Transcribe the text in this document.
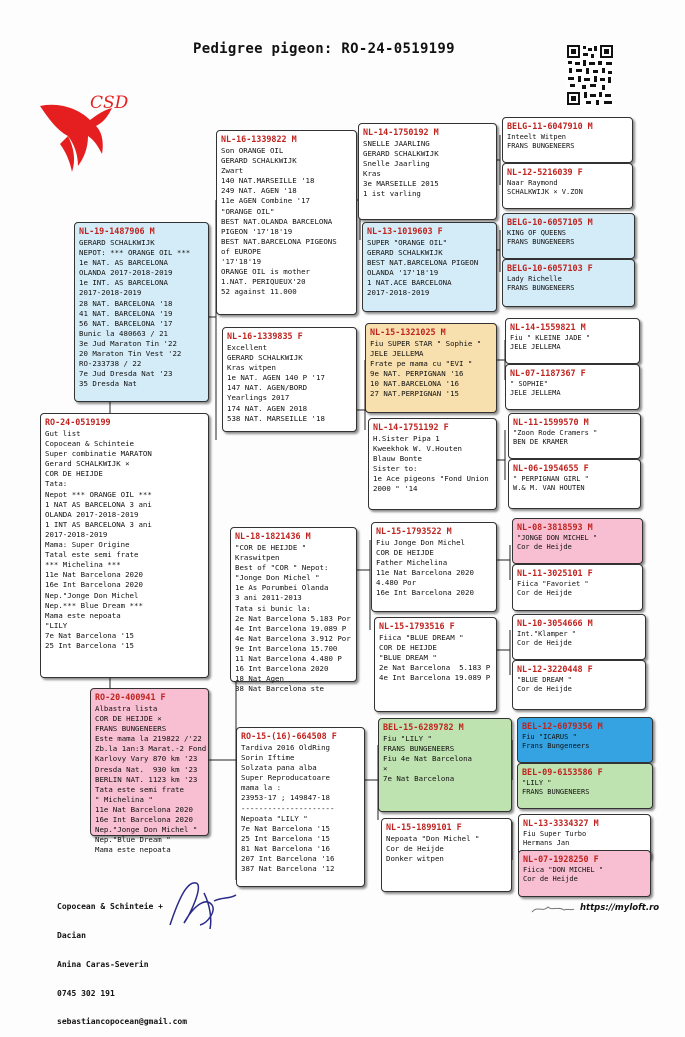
Pedigree pigeon: RO-24-0519199
CSD
RO-24-0519199
Gut list
Copocean & Schinteie
Super combinatie MARATON
Gerard SCHALKWIJK ×
COR DE HEIJDE
Tata:
Nepot *** ORANGE OIL ***
1 NAT AS BARCELONA 3 ani
OLANDA 2017-2018-2019
1 INT AS BARCELONA 3 ani
2017-2018-2019
Mama: Super Origine
Tatal este semi frate
*** Michelina ***
11e Nat Barcelona 2020
16e Int Barcelona 2020
Nep."Jonge Don Michel
Nep.*** Blue Dream ***
Mama este nepoata
"LILY
7e Nat Barcelona '15
25 Int Barcelona '15
NL-19-1487906 M
GERARD SCHALKWIJK
NEPOT: *** ORANGE OIL ***
1e NAT. AS BARCELONA
OLANDA 2017-2018-2019
1e INT. AS BARCELONA
2017-2018-2019
28 NAT. BARCELONA '18
41 NAT. BARCELONA '19
56 NAT. BARCELONA '17
Bunic la 480663 / 21
3e Jud Maraton Tin '22
20 Maraton Tin Vest '22
RO-233738 / 22
7e Jud Dresda Nat '23
35 Dresda Nat
RO-20-400941 F
Albastra lista
COR DE HEIJDE ×
FRANS BUNGENEERS
Este mama la 219822 /'22
Zb.la 1an:3 Marat.-2 Fond
Karlovy Vary 870 km '23
Dresda Nat.  930 km '23
BERLIN NAT. 1123 km '23
Tata este semi frate
" Michelina "
11e Nat Barcelona 2020
16e Int Barcelona 2020
Nep."Jonge Don Michel "
Nep."Blue Dream "
Mama este nepoata
NL-16-1339822 M
Son ORANGE OIL
GERARD SCHALKWIJK
Zwart
140 NAT.MARSEILLE '18
249 NAT. AGEN '18
11e AGEN Combine '17
"ORANGE OIL"
BEST NAT.OLANDA BARCELONA
PIGEON '17'18'19
BEST NAT.BARCELONA PIGEONS
of EUROPE
'17'18'19
ORANGE OIL is mother
1.NAT. PERIQUEUX'20
52 against 11.000
NL-16-1339835 F
Excellent
GERARD SCHALKWIJK
Kras witpen
1e NAT. AGEN 140 P '17
147 NAT. AGEN/BORD
Yearlings 2017
174 NAT. AGEN 2018
538 NAT. MARSEILLE '18
NL-18-1821436 M
"COR DE HEIJDE "
Kraswitpen
Best of "COR " Nepot:
"Jonge Don Michel "
1e As Porumbei Olanda
3 ani 2011-2013
Tata si bunic la:
2e Nat Barcelona 5.183 Por
4e Int Barcelona 19.089 P
4e Nat Barcelona 3.912 Por
9e Int Barcelona 15.700
11 Nat Barcelona 4.480 P
16 Int Barcelona 2020
18 Nat Agen
38 Nat Barcelona ste
RO-15-(16)-664508 F
Tardiva 2016 OldRing
Sorin Iftime
Solzata pana alba
Super Reproducatoare
mama la :
23953-17 ; 149847-18
---------------------
Nepoata "LILY "
7e Nat Barcelona '15
25 Int Barcelona '15
81 Nat Barcelona '16
207 Int Barcelona '16
387 Nat Barcelona '12
NL-14-1750192 M
SNELLE JAARLING
GERARD SCHALKWIJK
Snelle Jaarling
Kras
3e MARSEILLE 2015
1 ist varling
NL-13-1019603 F
SUPER "ORANGE OIL"
GERARD SCHALKWIJK
BEST NAT.BARCELONA PIGEON
OLANDA '17'18'19
1 NAT.ACE BARCELONA
2017-2018-2019
NL-15-1321025 M
Fiu SUPER STAR " Sophie "
JELE JELLEMA
Frate pe mama cu "EVI "
9e NAT. PERPIGNAN '16
10 NAT.BARCELONA '16
27 NAT.PERPIGNAN '15
NL-14-1751192 F
H.Sister Pipa 1
Kweekhok W. V.Houten
Blauw Bonte
Sister to:
1e Ace pigeons "Fond Union
2000 " '14
NL-15-1793522 M
Fiu Jonge Don Michel
COR DE HEIJDE
Father Michelina
11e Nat Barcelona 2020
4.480 Por
16e Int Barcelona 2020
NL-15-1793516 F
Fiica "BLUE DREAM "
COR DE HEIJDE
"BLUE DREAM "
2e Nat Barcelona  5.183 P
4e Int Barcelona 19.089 P
BEL-15-6289782 M
Fiu "LILY "
FRANS BUNGENEERS
Fiu 4e Nat Barcelona
×
7e Nat Barcelona
NL-15-1899101 F
Nepoata "Don Michel "
Cor de Heijde
Donker witpen
BELG-11-6047910 M
Inteelt Witpen
FRANS BUNGENEERS
NL-12-5216039 F
Naar Raymond
SCHALKWIJK × V.ZON
BELG-10-6057105 M
KING OF QUEENS
FRANS BUNGENEERS
BELG-10-6057103 F
Lady Richelle
FRANS BUNGENEERS
NL-14-1559821 M
Fiu " KLEINE JADE "
JELE JELLEMA
NL-07-1187367 F
" SOPHIE"
JELE JELLEMA
NL-11-1599570 M
"Zoon Rode Cramers "
BEN DE KRAMER
NL-06-1954655 F
" PERPIGNAN GIRL "
W.& M. VAN HOUTEN
NL-08-3818593 M
"JONGE DON MICHEL "
Cor de Heijde
NL-11-3025101 F
Fiica "Favoriet "
Cor de Heijde
NL-10-3054666 M
Int."Klamper "
Cor de Heijde
NL-12-3220448 F
"BLUE DREAM "
Cor de Heijde
BEL-12-6079356 M
Fiu "ICARUS "
Frans Bungeneers
BEL-09-6153586 F
"LILY "
FRANS BUNGENEERS
NL-13-3334327 M
Fiu Super Turbo
Hermans Jan
NL-07-1928250 F
Fiica "DON MICHEL "
Cor de Heijde

Copocean & Schinteie +

Dacian

Anina Caras-Severin

0745 302 191

sebastiancopocean@gmail.com

https://myloft.ro
